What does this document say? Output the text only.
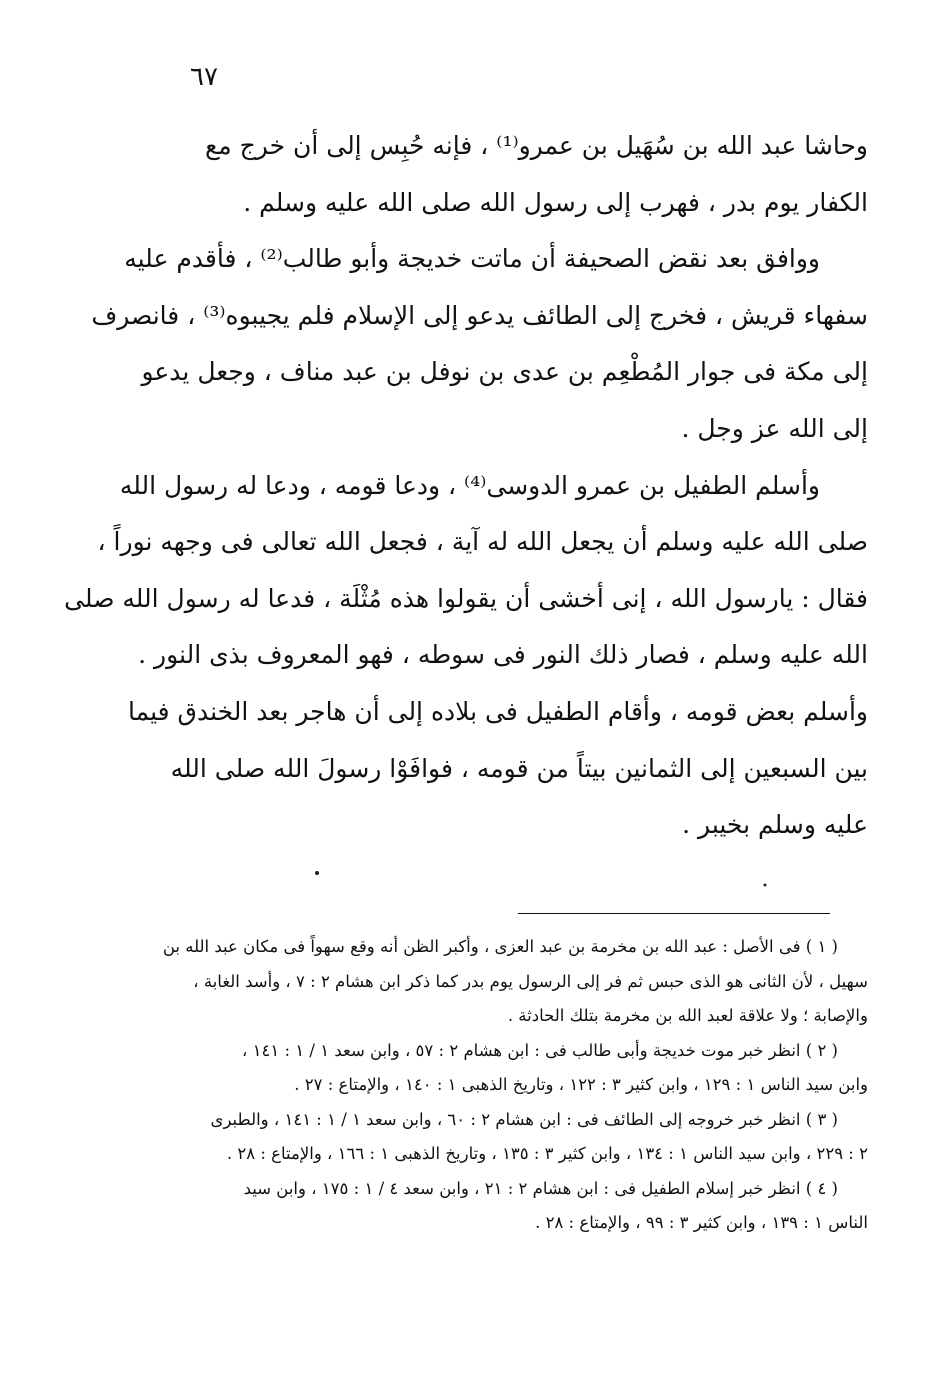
٦٧
وحاشا عبد الله بن سُهَيل بن عمرو⁽¹⁾ ، فإنه حُبِس إلى أن خرج مع
الكفار يوم بدر ، فهرب إلى رسول الله صلى الله عليه وسلم .
ووافق بعد نقض الصحيفة أن ماتت خديجة وأبو طالب⁽²⁾ ، فأقدم عليه
سفهاء قريش ، فخرج إلى الطائف يدعو إلى الإسلام فلم يجيبوه⁽³⁾ ، فانصرف
إلى مكة فى جوار المُطْعِم بن عدى بن نوفل بن عبد مناف ، وجعل يدعو
إلى الله عز وجل .
وأسلم الطفيل بن عمرو الدوسى⁽⁴⁾ ، ودعا قومه ، ودعا له رسول الله
صلى الله عليه وسلم أن يجعل الله له آية ، فجعل الله تعالى فى وجهه نوراً ،
فقال : يارسول الله ، إنى أخشى أن يقولوا هذه مُثْلَة ، فدعا له رسول الله صلى
الله عليه وسلم ، فصار ذلك النور فى سوطه ، فهو المعروف بذى النور .
وأسلم بعض قومه ، وأقام الطفيل فى بلاده إلى أن هاجر بعد الخندق فيما
بين السبعين إلى الثمانين بيتاً من قومه ، فوافَوْا رسولَ الله صلى الله
عليه وسلم بخيبر .
( ١ ) فى الأصل : عبد الله بن مخرمة بن عبد العزى ، وأكبر الظن أنه وقع سهواً فى مكان عبد الله بن
سهيل ، لأن الثانى هو الذى حبس ثم فر إلى الرسول يوم بدر كما ذكر ابن هشام ٢ : ٧ ، وأسد الغابة ،
والإصابة ؛ ولا علاقة لعبد الله بن مخرمة بتلك الحادثة .
( ٢ ) انظر خبر موت خديجة وأبى طالب فى : ابن هشام ٢ : ٥٧ ، وابن سعد ١ / ١ : ١٤١ ،
وابن سيد الناس ١ : ١٢٩ ، وابن كثير ٣ : ١٢٢ ، وتاريخ الذهبى ١ : ١٤٠ ، والإمتاع : ٢٧ .
( ٣ ) انظر خبر خروجه إلى الطائف فى : ابن هشام ٢ : ٦٠ ، وابن سعد ١ / ١ : ١٤١ ، والطبرى
٢ : ٢٢٩ ، وابن سيد الناس ١ : ١٣٤ ، وابن كثير ٣ : ١٣٥ ، وتاريخ الذهبى ١ : ١٦٦ ، والإمتاع : ٢٨ .
( ٤ ) انظر خبر إسلام الطفيل فى : ابن هشام ٢ : ٢١ ، وابن سعد ٤ / ١ : ١٧٥ ، وابن سيد
الناس ١ : ١٣٩ ، وابن كثير ٣ : ٩٩ ، والإمتاع : ٢٨ .
